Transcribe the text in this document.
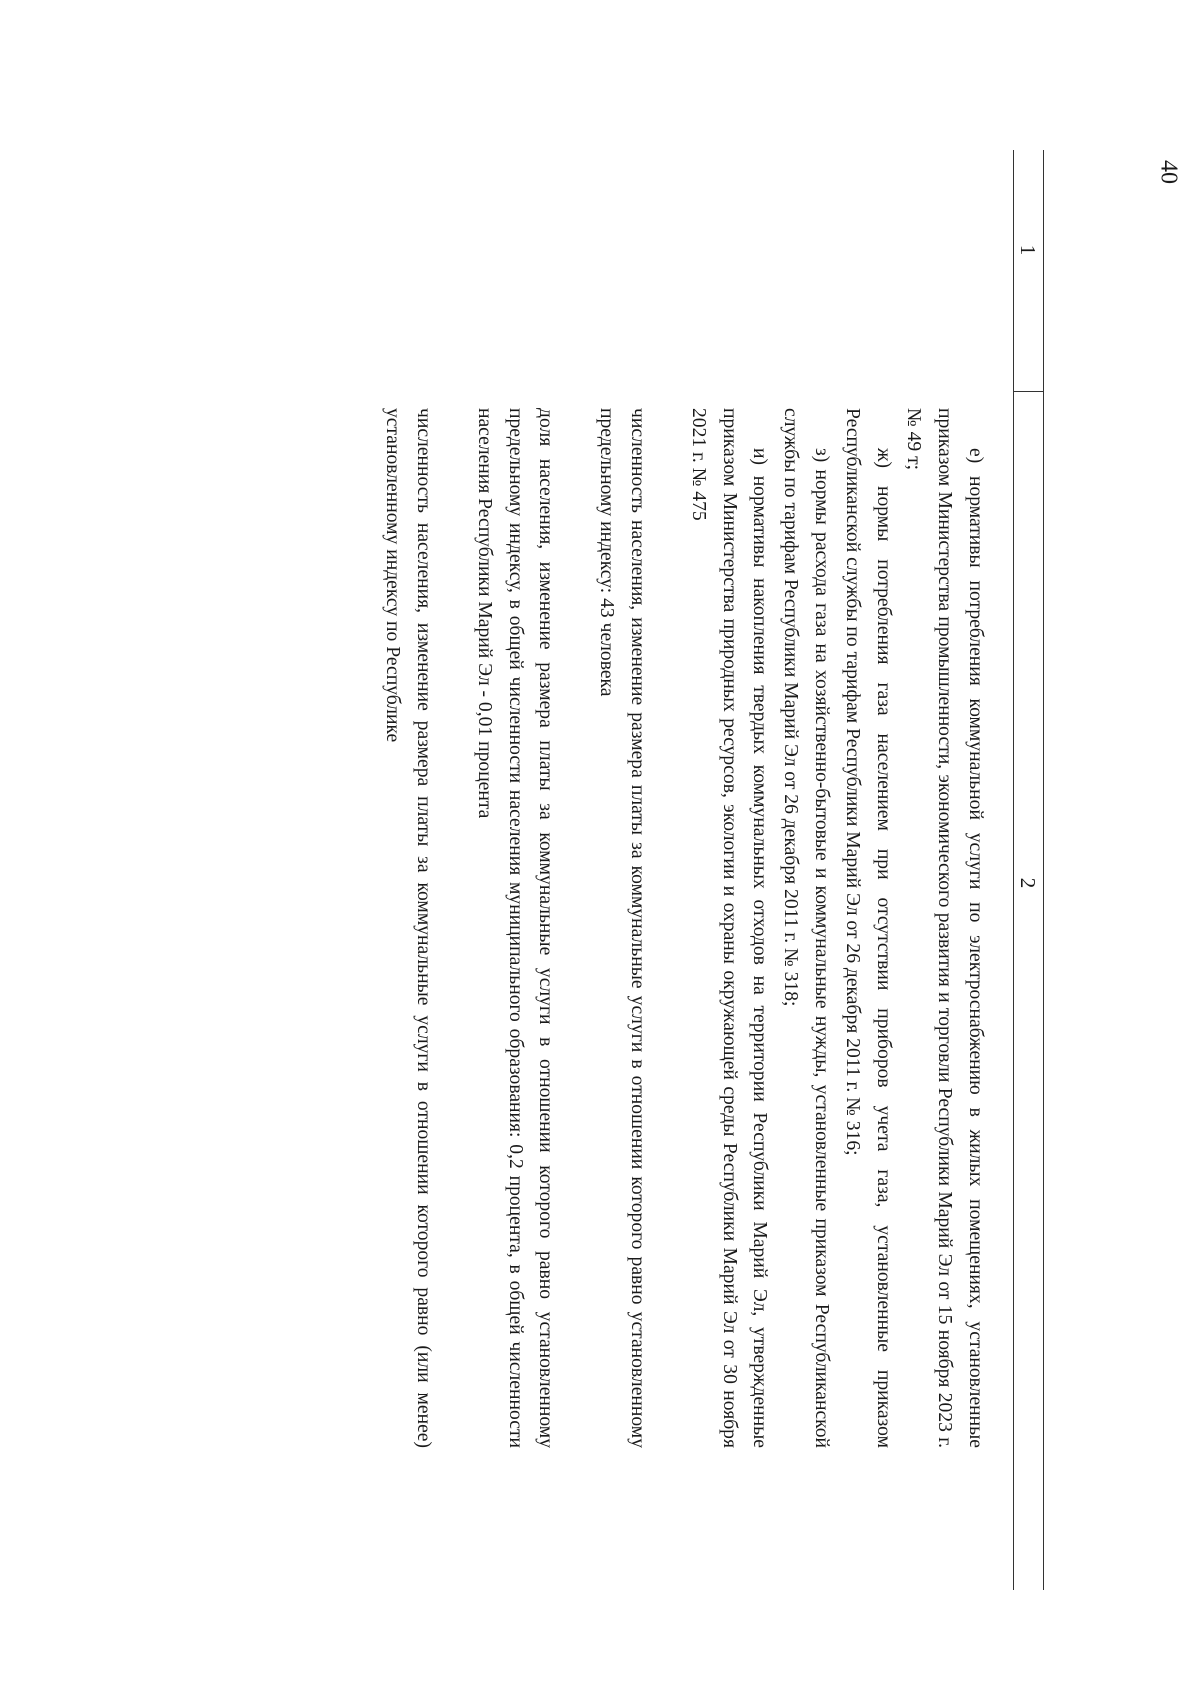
40
1
2

е) нормативы потребления коммунальной услуги по электроснабжению в жилых помещениях, установленные приказом Министерства промышленности, экономического развития и торговли Республики Марий Эл от 15 ноября 2023 г. № 49 т;

ж) нормы потребления газа населением при отсутствии приборов учета газа, установленные приказом Республиканской службы по тарифам Республики Марий Эл от 26 декабря 2011 г. № 316;

з) нормы расхода газа на хозяйственно-бытовые и коммунальные нужды, установленные приказом Республиканской службы по тарифам Республики Марий Эл от 26 декабря 2011 г. № 318;

и) нормативы накопления твердых коммунальных отходов на территории Республики Марий Эл, утвержденные приказом Министерства природных ресурсов, экологии и охраны окружающей среды Республики Марий Эл от 30 ноября 2021 г. № 475

численность населения, изменение размера платы за коммунальные услуги в отношении которого равно установленному предельному индексу: 43 человека

доля населения, изменение размера платы за коммунальные услуги в отношении которого равно установленному предельному индексу, в общей численности населения муниципального образования: 0,2 процента, в общей численности населения Республики Марий Эл - 0,01 процента

численность населения, изменение размера платы за коммунальные услуги в отношении которого равно (или менее) установленному индексу по Республике
